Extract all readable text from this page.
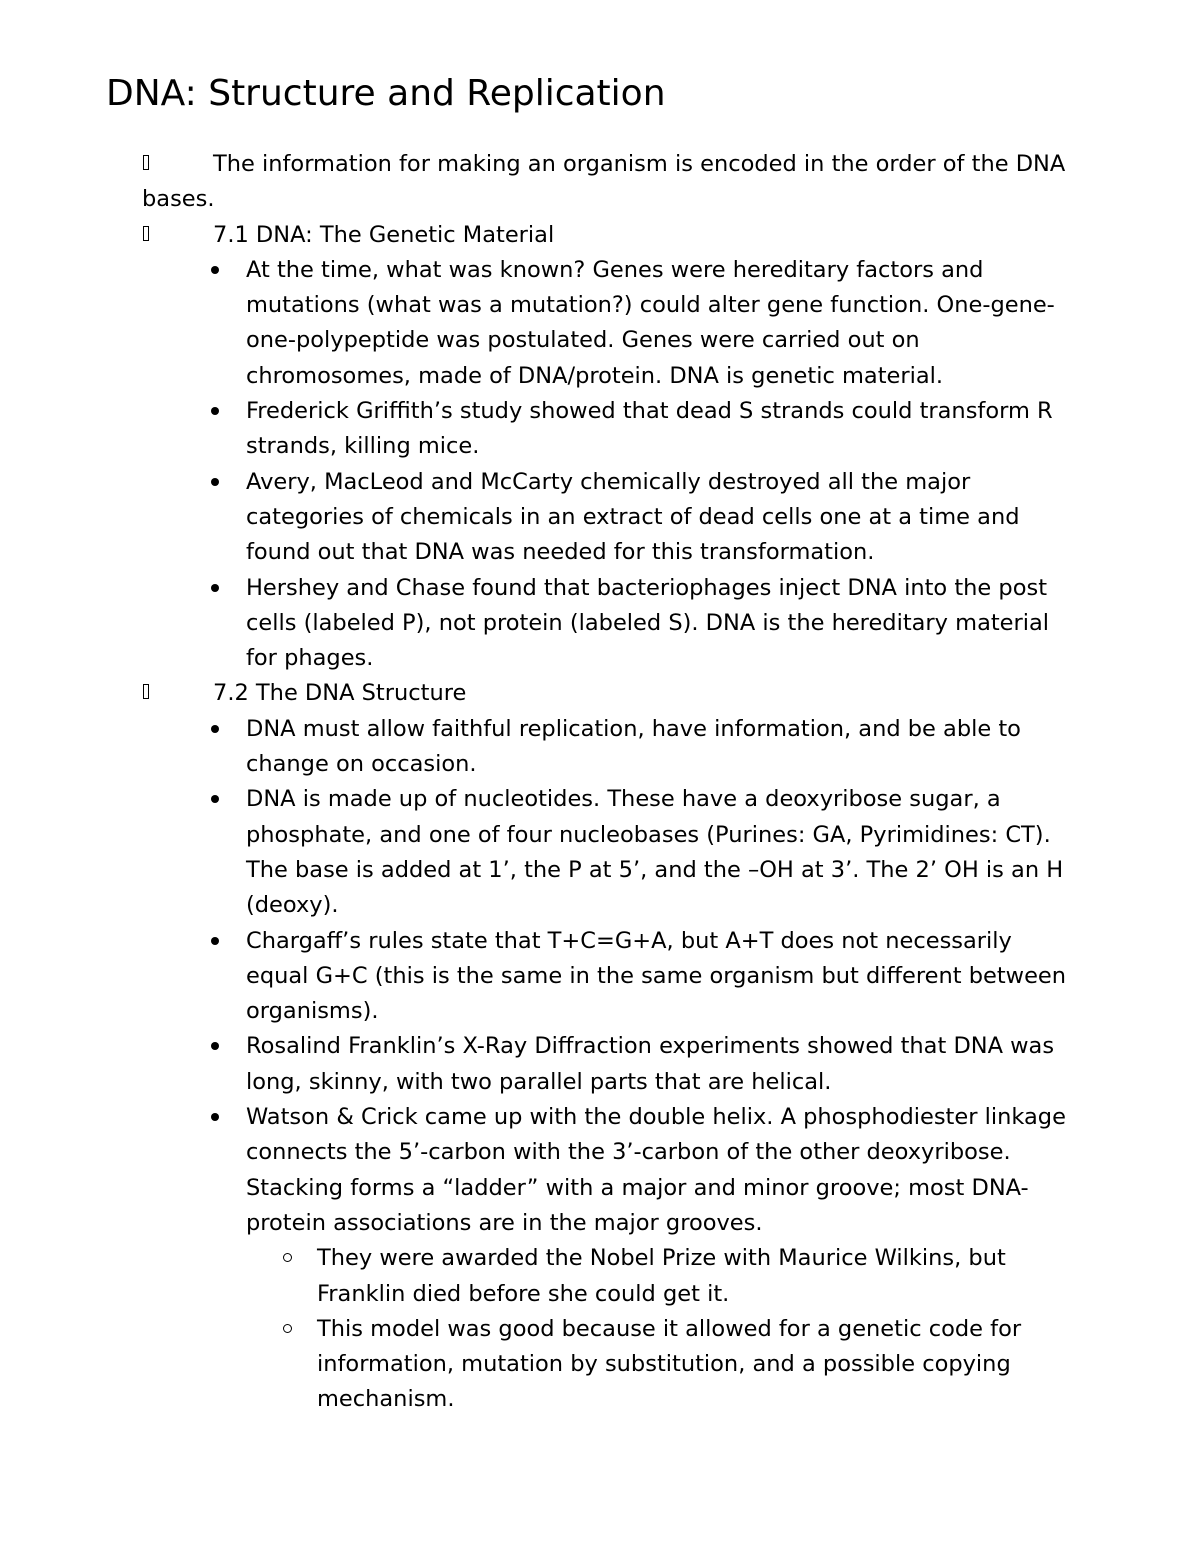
DNA: Structure and Replication

The information for making an organism is encoded in the order of the DNA bases.

7.1 DNA: The Genetic Material

At the time, what was known? Genes were hereditary factors and mutations (what was a mutation?) could alter gene function. One-gene-one-polypeptide was postulated. Genes were carried out on chromosomes, made of DNA/protein. DNA is genetic material.
Frederick Griffith’s study showed that dead S strands could transform R strands, killing mice.
Avery, MacLeod and McCarty chemically destroyed all the major categories of chemicals in an extract of dead cells one at a time and found out that DNA was needed for this transformation.
Hershey and Chase found that bacteriophages inject DNA into the post cells (labeled P), not protein (labeled S). DNA is the hereditary material for phages.

7.2 The DNA Structure

DNA must allow faithful replication, have information, and be able to change on occasion.
DNA is made up of nucleotides. These have a deoxyribose sugar, a phosphate, and one of four nucleobases (Purines: GA, Pyrimidines: CT). The base is added at 1’, the P at 5’, and the –OH at 3’. The 2’ OH is an H (deoxy).
Chargaff’s rules state that T+C=G+A, but A+T does not necessarily equal G+C (this is the same in the same organism but different between organisms).
Rosalind Franklin’s X-Ray Diffraction experiments showed that DNA was long, skinny, with two parallel parts that are helical.
Watson & Crick came up with the double helix. A phosphodiester linkage connects the 5’-carbon with the 3’-carbon of the other deoxyribose. Stacking forms a “ladder” with a major and minor groove; most DNA-protein associations are in the major grooves.
They were awarded the Nobel Prize with Maurice Wilkins, but Franklin died before she could get it.
This model was good because it allowed for a genetic code for information, mutation by substitution, and a possible copying mechanism.
